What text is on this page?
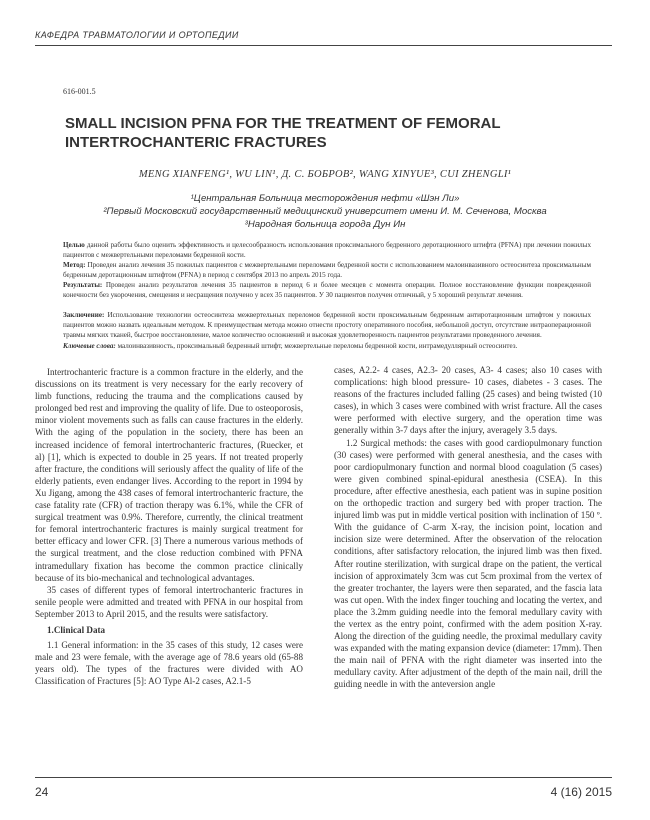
КАФЕДРА ТРАВМАТОЛОГИИ И ОРТОПЕДИИ
616-001.5
SMALL INCISION PFNA FOR THE TREATMENT OF FEMORAL
INTERTROCHANTERIC FRACTURES
MENG XIANFENG¹, WU LIN¹, Д. С. БОБРОВ², WANG XINYUE³, CUI ZHENGLI¹
¹Центральная Больница месторождения нефти «Шэн Ли»
²Первый Московский государственный медицинский университет имени И. М. Сеченова, Москва
³Народная больница города Дун Ин
Целью данной работы было оценить эффективность и целесообразность использования проксимального бедренного деротационного штифта (PFNA) при лечении пожилых пациентов с межвертельными переломами бедренной кости.
Метод: Проведен анализ лечения 35 пожилых пациентов с межвертельными переломами бедренной кости с использованием малоинвазивного остеосинтеза проксимальным бедренным деротационным штифтом (PFNA) в период с сентября 2013 по апрель 2015 года.
Результаты: Проведен анализ результатов лечения 35 пациентов в период 6 и более месяцев с момента операции. Полное восстановление функции поврежденной конечности без укорочения, смещения и несращения получено у всех 35 пациентов. У 30 пациентов получен отличный, у 5 хороший результат лечения.
Заключение: Использование технологии остеосинтеза межвертельных переломов бедренной кости проксимальным бедренным антиротационным штифтом у пожилых пациентов можно назвать идеальным методом. К преимуществам метода можно отнести простоту оперативного пособия, небольшой доступ, отсутствие интраоперационной травмы мягких тканей, быстрое восстановление, малое количество осложнений и высокая удовлетворенность пациентов результатами проведенного лечения.
Ключевые слова: малоинвазивность, проксимальный бедренный штифт, межвертельные переломы бедренной кости, интрамедуллярный остеосинтез.

Intertrochanteric fracture is a common fracture in the elderly, and the discussions on its treatment is very necessary for the early recovery of limb functions, reducing the trauma and the complications caused by prolonged bed rest and improving the quality of life. Due to osteoporosis, minor violent movements such as falls can cause fractures in the elderly. With the aging of the population in the society, there has been an increased incidence of femoral intertrochanteric fractures, (Ruecker, et al) [1], which is expected to double in 25 years. If not treated properly after fracture, the conditions will seriously affect the quality of life of the elderly patients, even endanger lives. According to the report in 1994 by Xu Jigang, among the 438 cases of femoral intertrochanteric fracture, the case fatality rate (CFR) of traction therapy was 6.1%, while the CFR of surgical treatment was 0.9%. Therefore, currently, the clinical treatment for femoral intertrochanteric fractures is mainly surgical treatment for better efficacy and lower CFR. [3] There a numerous various methods of the surgical treatment, and the close reduction combined with PFNA intramedullary fixation has become the common practice clinically because of its bio-mechanical and technological advantages.

35 cases of different types of femoral intertrochanteric fractures in senile people were admitted and treated with PFNA in our hospital from September 2013 to April 2015, and the results were satisfactory.

1.Clinical Data

1.1 General information: in the 35 cases of this study, 12 cases were male and 23 were female, with the average age of 78.6 years old (65-88 years old). The types of the fractures were divided with AO Classification of Fractures [5]: AO Type Al-2 cases, A2.1-5

cases, A2.2- 4 cases, A2.3- 20 cases, A3- 4 cases; also 10 cases with complications: high blood pressure- 10 cases, diabetes - 3 cases. The reasons of the fractures included falling (25 cases) and being twisted (10 cases), in which 3 cases were combined with wrist fracture. All the cases were performed with elective surgery, and the operation time was generally within 3-7 days after the injury, averagely 3.5 days.

1.2 Surgical methods: the cases with good cardiopulmonary function (30 cases) were performed with general anesthesia, and the cases with poor cardiopulmonary function and normal blood coagulation (5 cases) were given combined spinal-epidural anesthesia (CSEA). In this procedure, after effective anesthesia, each patient was in supine position on the orthopedic traction and surgery bed with proper traction. The injured limb was put in middle vertical position with inclination of 150 º. With the guidance of C-arm X-ray, the incision point, location and incision size were determined. After the observation of the relocation conditions, after satisfactory relocation, the injured limb was then fixed. After routine sterilization, with surgical drape on the patient, the vertical incision of approximately 3cm was cut 5cm proximal from the vertex of the greater trochanter, the layers were then separated, and the fascia lata was cut open. With the index finger touching and locating the vertex, and place the 3.2mm guiding needle into the femoral medullary cavity with the vertex as the entry point, confirmed with the adem position X-ray. Along the direction of the guiding needle, the proximal medullary cavity was expanded with the mating expansion device (diameter: 17mm). Then the main nail of PFNA with the right diameter was inserted into the medullary cavity. After adjustment of the depth of the main nail, drill the guiding needle in with the anteversion angle

24	4 (16) 2015
